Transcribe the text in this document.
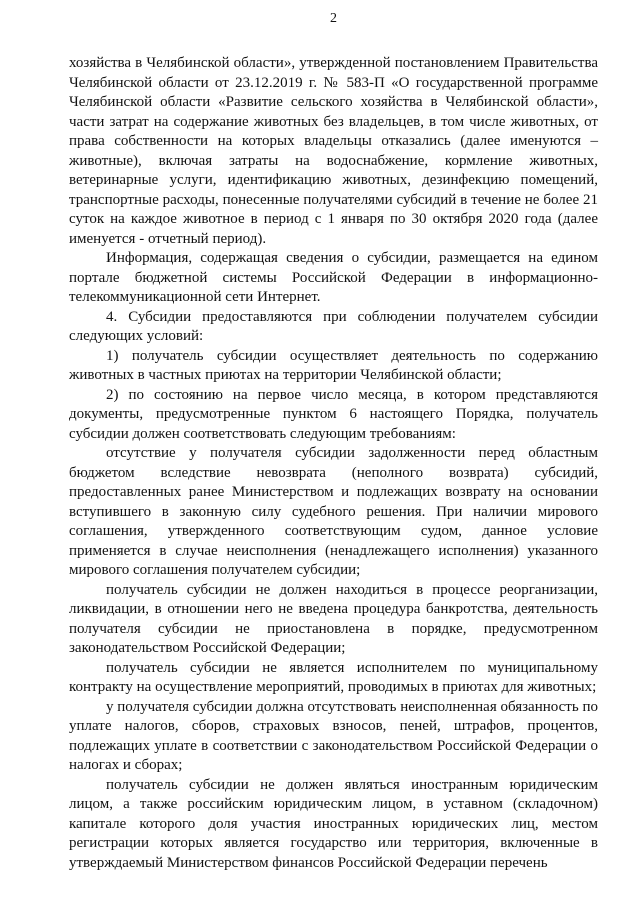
2

хозяйства в Челябинской области», утвержденной постановлением Правительства Челябинской области от 23.12.2019 г. № 583-П «О государственной программе Челябинской области «Развитие сельского хозяйства в Челябинской области», части затрат на содержание животных без владельцев, в том числе животных, от права собственности на которых владельцы отказались (далее именуются – животные), включая затраты на водоснабжение, кормление животных, ветеринарные услуги, идентификацию животных, дезинфекцию помещений, транспортные расходы, понесенные получателями субсидий в течение не более 21 суток на каждое животное в период с 1 января по 30 октября 2020 года (далее именуется - отчетный период).

Информация, содержащая сведения о субсидии, размещается на едином портале бюджетной системы Российской Федерации в информационно-телекоммуникационной сети Интернет.

4. Субсидии предоставляются при соблюдении получателем субсидии следующих условий:

1) получатель субсидии осуществляет деятельность по содержанию животных в частных приютах на территории Челябинской области;

2) по состоянию на первое число месяца, в котором представляются документы, предусмотренные пунктом 6 настоящего Порядка, получатель субсидии должен соответствовать следующим требованиям:

отсутствие у получателя субсидии задолженности перед областным бюджетом вследствие невозврата (неполного возврата) субсидий, предоставленных ранее Министерством и подлежащих возврату на основании вступившего в законную силу судебного решения. При наличии мирового соглашения, утвержденного соответствующим судом, данное условие применяется в случае неисполнения (ненадлежащего исполнения) указанного мирового соглашения получателем субсидии;

получатель субсидии не должен находиться в процессе реорганизации, ликвидации, в отношении него не введена процедура банкротства, деятельность получателя субсидии не приостановлена в порядке, предусмотренном законодательством Российской Федерации;

получатель субсидии не является исполнителем по муниципальному контракту на осуществление мероприятий, проводимых в приютах для животных;

у получателя субсидии должна отсутствовать неисполненная обязанность по уплате налогов, сборов, страховых взносов, пеней, штрафов, процентов, подлежащих уплате в соответствии с законодательством Российской Федерации о налогах и сборах;

получатель субсидии не должен являться иностранным юридическим лицом, а также российским юридическим лицом, в уставном (складочном) капитале которого доля участия иностранных юридических лиц, местом регистрации которых является государство или территория, включенные в утверждаемый Министерством финансов Российской Федерации перечень
